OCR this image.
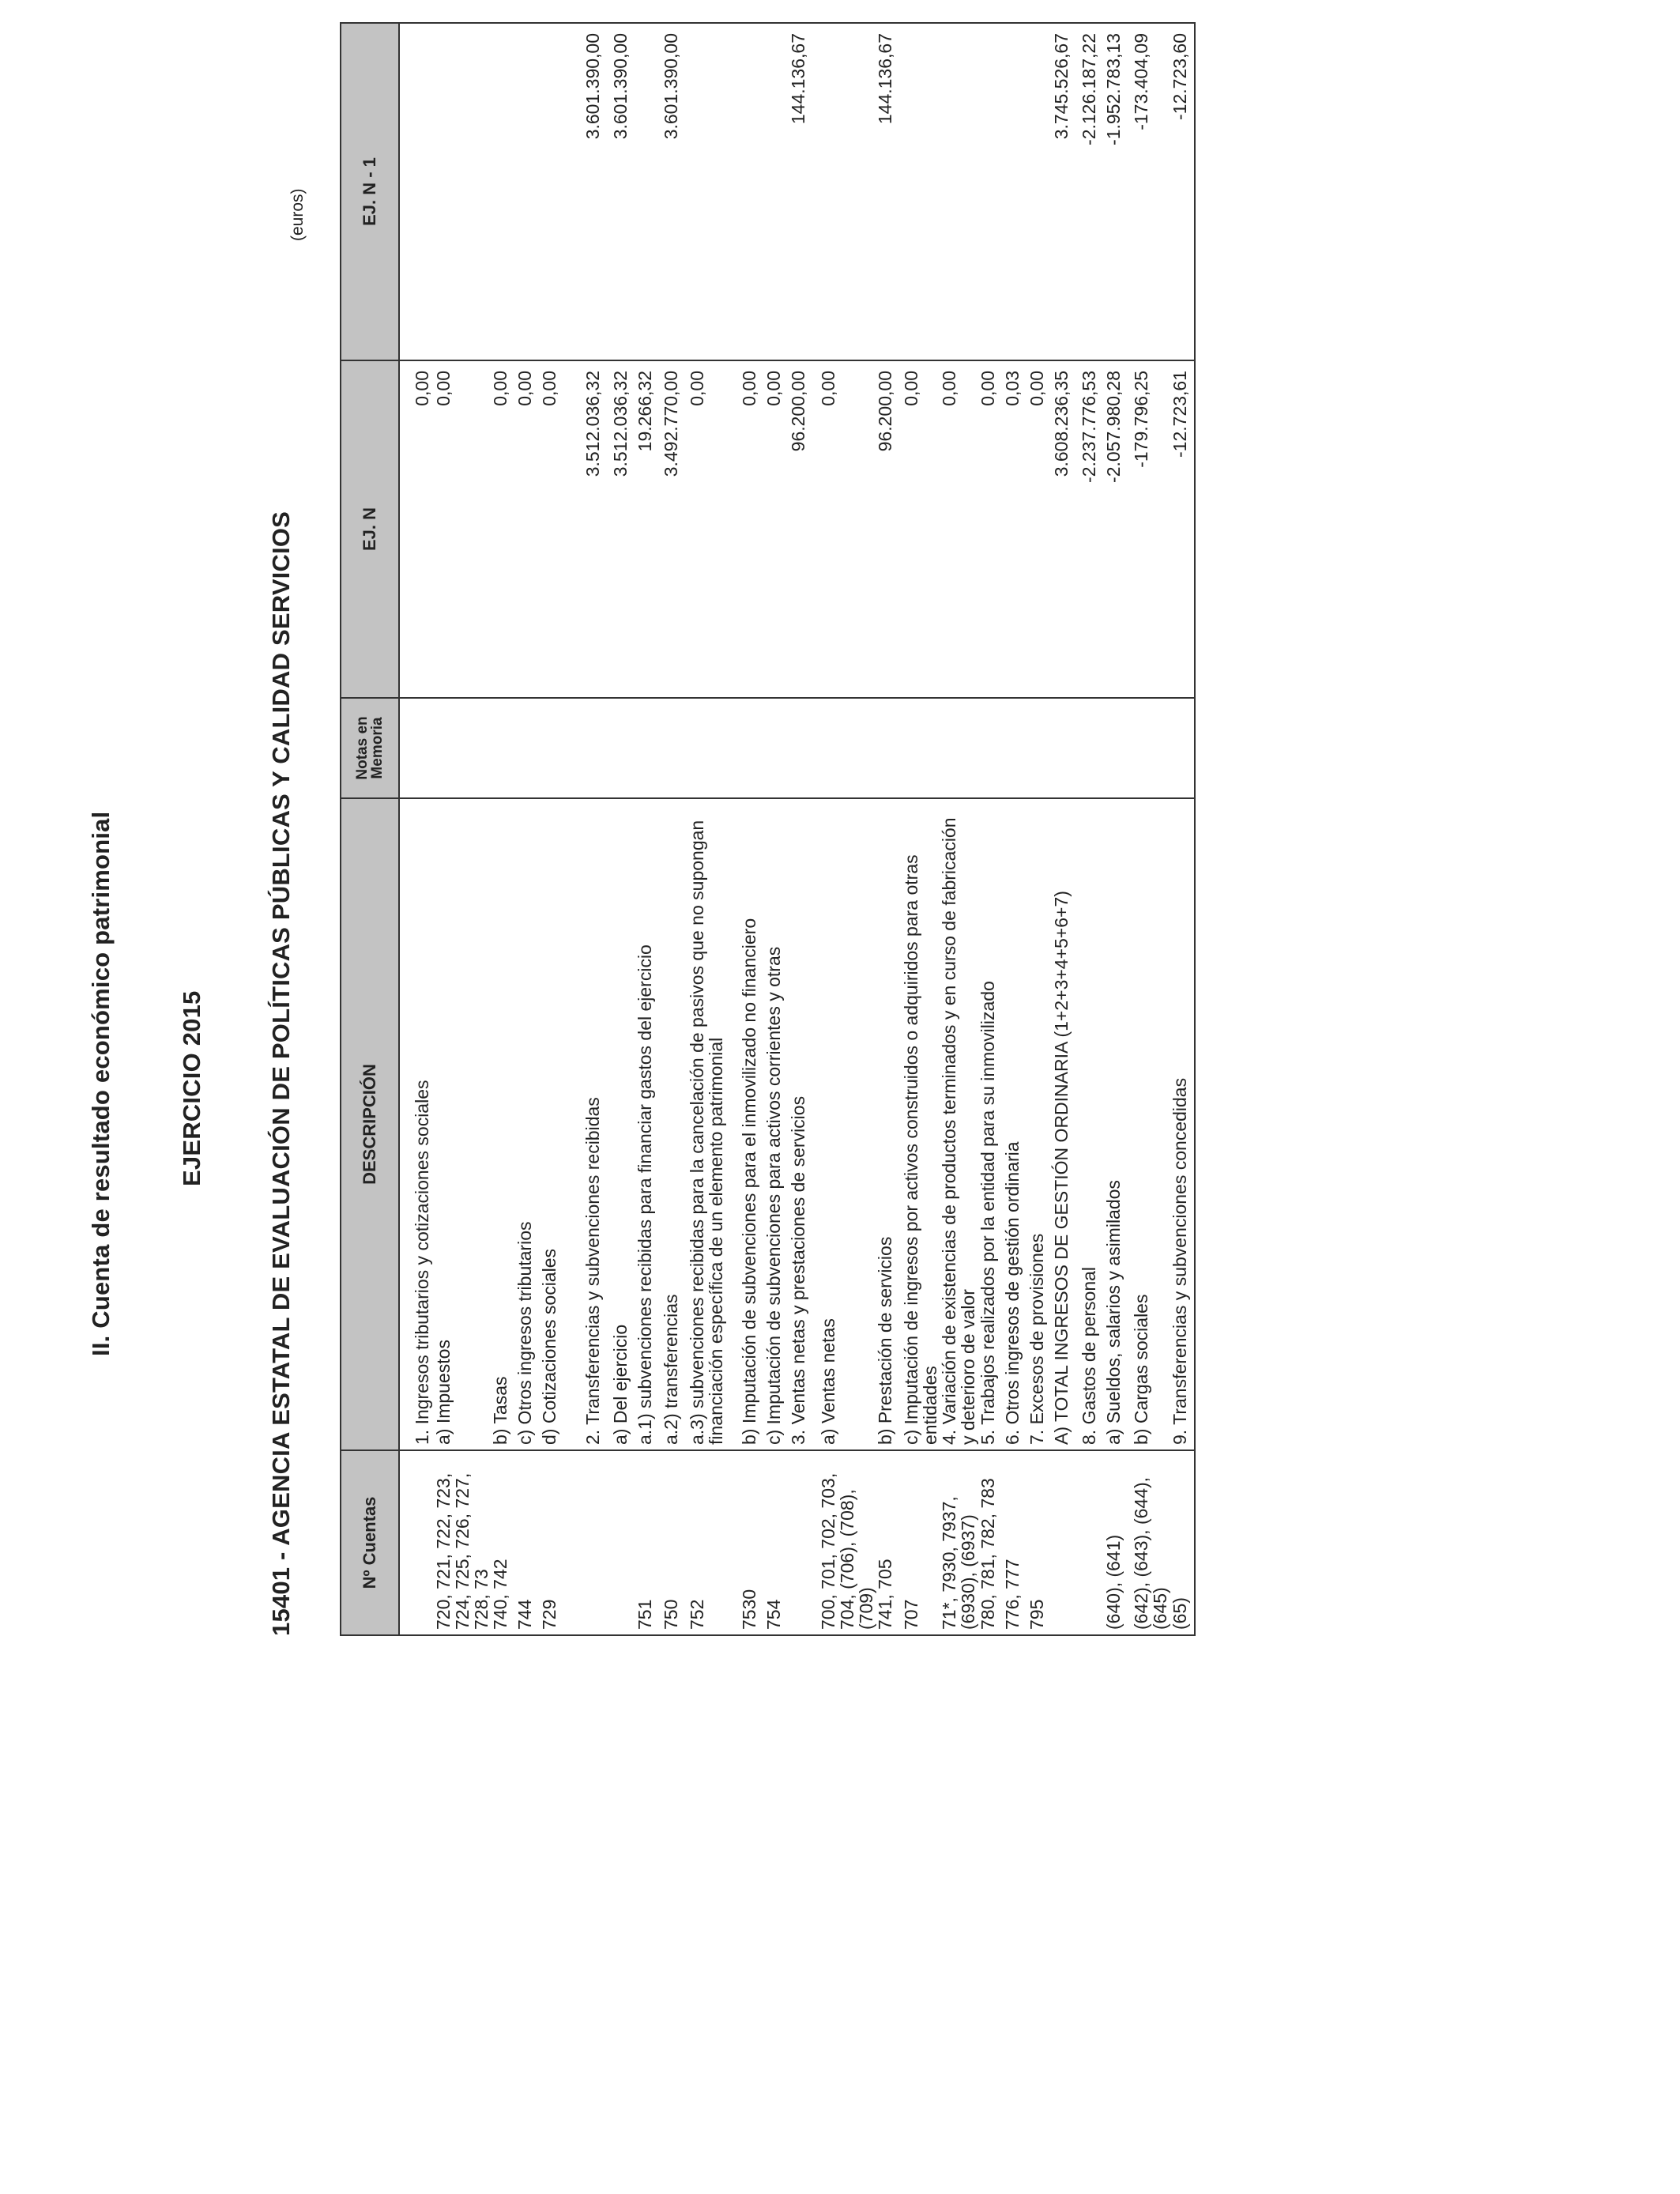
II. Cuenta de resultado económico patrimonial	EJERCICIO 2015	15401 - AGENCIA ESTATAL DE EVALUACIÓN DE POLÍTICAS PÚBLICAS Y CALIDAD SERVICIOS
(euros)
Nº Cuentas	DESCRIPCIÓN	Notas en Memoria	EJ. N	EJ. N - 1
	1. Ingresos tributarios y cotizaciones sociales		0,00	
720, 721, 722, 723, 724, 725, 726, 727, 728, 73	a) Impuestos		0,00	
740, 742	b) Tasas		0,00	
744	c) Otros ingresos tributarios		0,00	
729	d) Cotizaciones sociales		0,00	
	2. Transferencias y subvenciones recibidas		3.512.036,32	3.601.390,00
	a) Del ejercicio		3.512.036,32	3.601.390,00
751	a.1) subvenciones recibidas para financiar gastos del ejercicio		19.266,32	
750	a.2) transferencias		3.492.770,00	3.601.390,00
752	a.3) subvenciones recibidas para la cancelación de pasivos que no supongan financiación específica de un elemento patrimonial		0,00	
7530	b) Imputación de subvenciones para el inmovilizado no financiero		0,00	
754	c) Imputación de subvenciones para activos corrientes y otras		0,00	
	3. Ventas netas y prestaciones de servicios		96.200,00	144.136,67
700, 701, 702, 703, 704, (706), (708), (709)	a) Ventas netas		0,00	
741, 705	b) Prestación de servicios		96.200,00	144.136,67
707	c) Imputación de ingresos por activos construidos o adquiridos para otras entidades		0,00	
71*, 7930, 7937, (6930), (6937)	4. Variación de existencias de productos terminados y en curso de fabricación y deterioro de valor		0,00	
780, 781, 782, 783	5. Trabajos realizados por la entidad para su inmovilizado		0,00	
776, 777	6. Otros ingresos de gestión ordinaria		0,03	
795	7. Excesos de provisiones		0,00	
	A) TOTAL INGRESOS DE GESTIÓN ORDINARIA (1+2+3+4+5+6+7)		3.608.236,35	3.745.526,67
	8. Gastos de personal		-2.237.776,53	-2.126.187,22
(640), (641)	a) Sueldos, salarios y asimilados		-2.057.980,28	-1.952.783,13
(642), (643), (644), (645)	b) Cargas sociales		-179.796,25	-173.404,09
(65)	9. Transferencias y subvenciones concedidas		-12.723,61	-12.723,60
